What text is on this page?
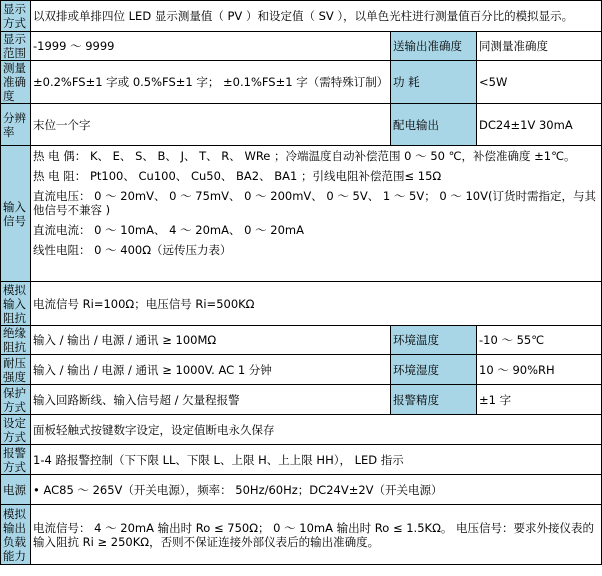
显示方式	以双排或单排四位 LED 显示测量值（ PV ）和设定值（ SV ），以单色光柱进行测量值百分比的模拟显示。		
显示范围	-1999 ～ 9999	送输出准确度	同测量准确度
测量准确度	±0.2%FS±1 字或 0.5%FS±1 字； ±0.1%FS±1 字（需特殊订制）	功 耗	<5W
分辨率	末位一个字	配电输出	DC24±1V 30mA
输入信号	热 电 偶： K、 E、 S、 B、 J、 T、 R、 WRe ；冷端温度自动补偿范围 0 ～ 50 ℃，补偿准确度 ±1℃。
热 电 阻： Pt100、 Cu100、 Cu50、 BA2、 BA1 ；引线电阻补偿范围≤ 15Ω
直流电压： 0 ～ 20mV、 0 ～ 75mV、 0 ～ 200mV、 0 ～ 5V、 1 ～ 5V； 0 ～ 10V(订货时需指定，与其他信号不兼容 )
直流电流： 0 ～ 10mA、 4 ～ 20mA、 0 ～ 20mA
线性电阻： 0 ～ 400Ω（远传压力表）		

模拟输入阻抗	电流信号 Ri=100Ω；电压信号 Ri=500KΩ		
绝缘阻抗	输入 / 输出 / 电源 / 通讯 ≥ 100MΩ	环境温度	-10 ～ 55℃
耐压强度	输入 / 输出 / 电源 / 通讯 ≥ 1000V. AC 1 分钟	环境湿度	10 ～ 90%RH
保护方式	输入回路断线、输入信号超 / 欠量程报警	报警精度	±1 字
设定方式	面板轻触式按键数字设定，设定值断电永久保存		
报警方式	1-4 路报警控制（下下限 LL、下限 L、上限 H、上上限 HH）， LED 指示		
电源	• AC85 ～ 265V（开关电源），频率： 50Hz/60Hz；DC24V±2V（开关电源）		
模拟输出负载能力	电流信号： 4 ～ 20mA 输出时 Ro ≤ 750Ω； 0 ～ 10mA 输出时 Ro ≤ 1.5KΩ。 电压信号：要求外接仪表的输入阻抗 Ri ≥ 250KΩ，否则不保证连接外部仪表后的输出准确度。		
